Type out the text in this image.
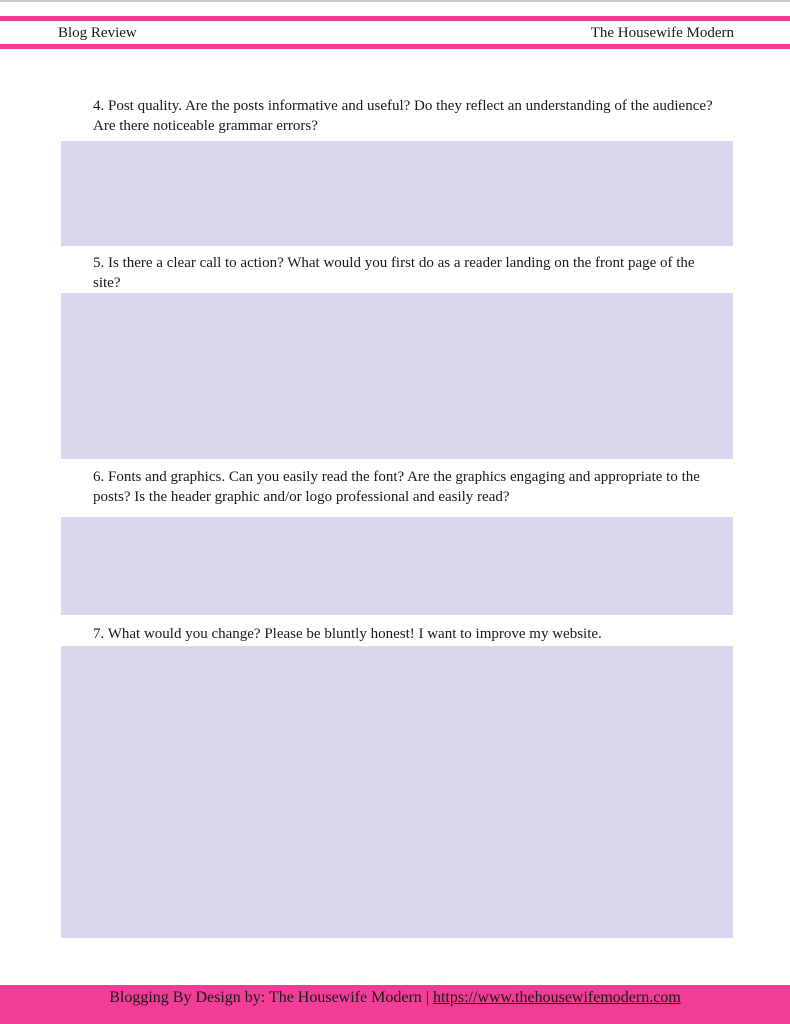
Blog Review	The Housewife Modern
4. Post quality. Are the posts informative and useful? Do they reflect an understanding of the audience? Are there noticeable grammar errors?
5. Is there a clear call to action? What would you first do as a reader landing on the front page of the site?
6. Fonts and graphics. Can you easily read the font? Are the graphics engaging and appropriate to the posts? Is the header graphic and/or logo professional and easily read?
7. What would you change? Please be bluntly honest! I want to improve my website.
Blogging By Design by: The Housewife Modern | https://www.thehousewifemodern.com
